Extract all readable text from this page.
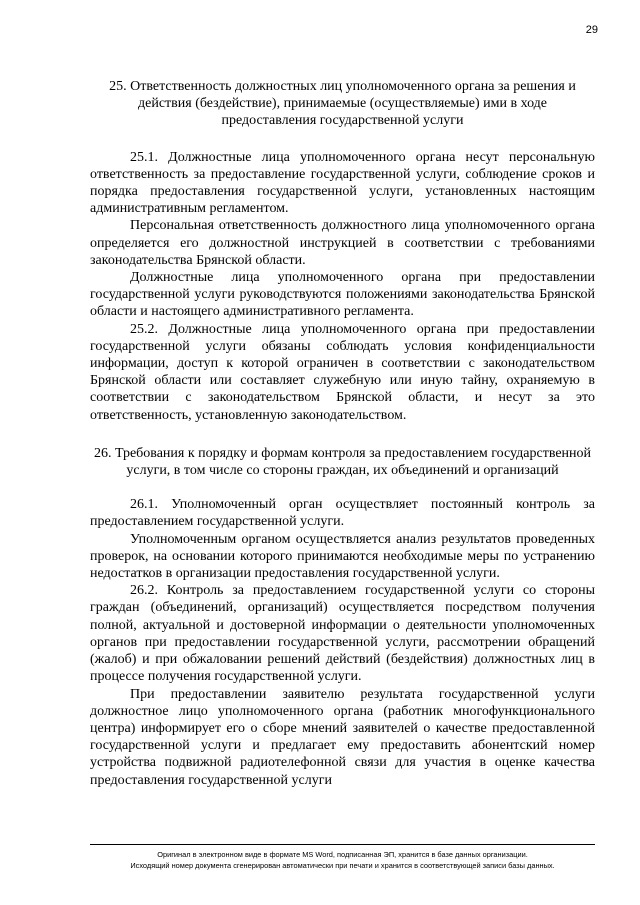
29
25. Ответственность должностных лиц уполномоченного органа за решения и действия (бездействие), принимаемые (осуществляемые) ими в ходе предоставления государственной услуги

25.1. Должностные лица уполномоченного органа несут персональную ответственность за предоставление государственной услуги, соблюдение сроков и порядка предоставления государственной услуги, установленных настоящим административным регламентом.

Персональная ответственность должностного лица уполномоченного органа определяется его должностной инструкцией в соответствии с требованиями законодательства Брянской области.

Должностные лица уполномоченного органа при предоставлении государственной услуги руководствуются положениями законодательства Брянской области и настоящего административного регламента.

25.2. Должностные лица уполномоченного органа при предоставлении государственной услуги обязаны соблюдать условия конфиденциальности информации, доступ к которой ограничен в соответствии с законодательством Брянской области или составляет служебную или иную тайну, охраняемую в соответствии с законодательством Брянской области, и несут за это ответственность, установленную законодательством.

26. Требования к порядку и формам контроля за предоставлением государственной услуги, в том числе со стороны граждан, их объединений и организаций

26.1. Уполномоченный орган осуществляет постоянный контроль за предоставлением государственной услуги.

Уполномоченным органом осуществляется анализ результатов проведенных проверок, на основании которого принимаются необходимые меры по устранению недостатков в организации предоставления государственной услуги.

26.2. Контроль за предоставлением государственной услуги со стороны граждан (объединений, организаций) осуществляется посредством получения полной, актуальной и достоверной информации о деятельности уполномоченных органов при предоставлении государственной услуги, рассмотрении обращений (жалоб) и при обжаловании решений действий (бездействия) должностных лиц в процессе получения государственной услуги.

При предоставлении заявителю результата государственной услуги должностное лицо уполномоченного органа (работник многофункционального центра) информирует его о сборе мнений заявителей о качестве предоставленной государственной услуги и предлагает ему предоставить абонентский номер устройства подвижной радиотелефонной связи для участия в оценке качества предоставления государственной услуги

Оригинал в электронном виде в формате MS Word, подписанная ЭП, хранится в базе данных организации.
Исходящий номер документа сгенерирован автоматически при печати и хранится в соответствующей записи базы данных.
